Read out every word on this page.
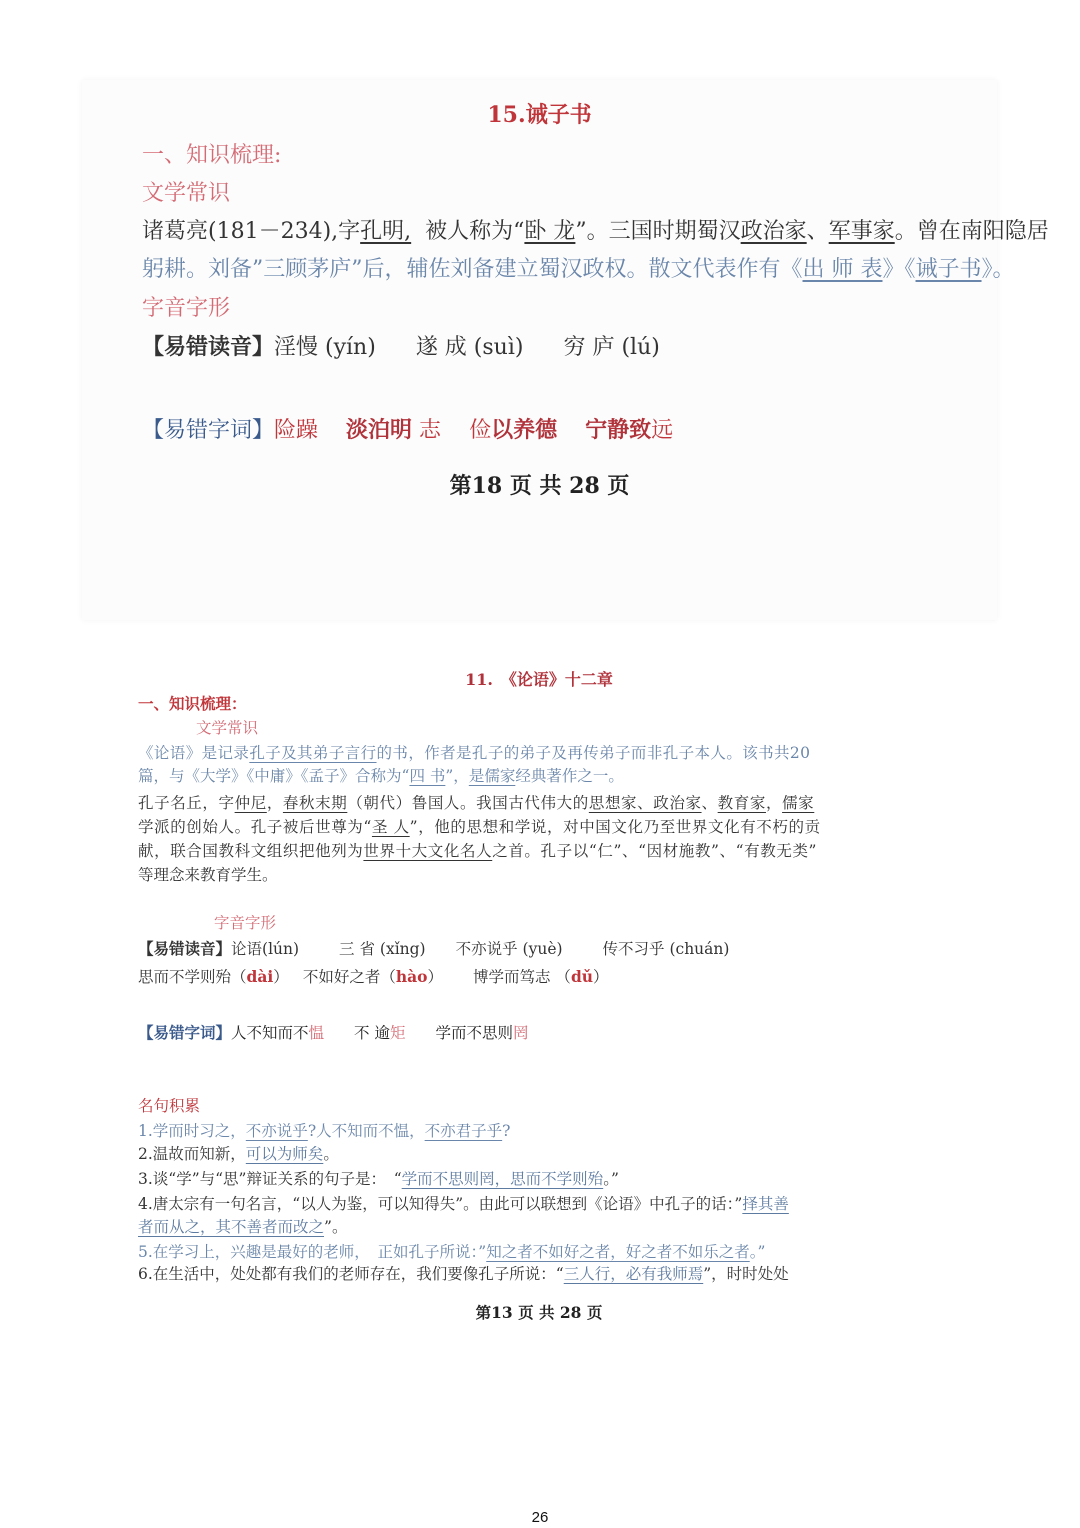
15.诫子书
一、知识梳理:
文学常识
诸葛亮(181－234),字孔明, 被人称为“卧 龙”。三国时期蜀汉政治家、军事家。曾在南阳隐居
躬耕。刘备”三顾茅庐”后，辅佐刘备建立蜀汉政权。散文代表作有《出 师 表》《诫子书》。
字音字形
【易错读音】淫慢 (yín) 遂 成 (suì) 穷 庐 (lú)
【易错字词】险躁 淡泊明 志 俭以养德 宁静致远
第18 页 共 28 页
11.　《论语》十二章
一、知识梳理：
文学常识
《论语》是记录孔子及其弟子言行的书，作者是孔子的弟子及再传弟子而非孔子本人。该书共20
篇，与《大学》《中庸》《孟子》合称为“四 书”，是儒家经典著作之一。
孔子名丘，字仲尼，春秋末期（朝代）鲁国人。我国古代伟大的思想家、政治家、教育家，儒家
学派的创始人。孔子被后世尊为“圣 人”，他的思想和学说，对中国文化乃至世界文化有不朽的贡
献，联合国教科文组织把他列为世界十大文化名人之首。孔子以“仁”、“因材施教”、“有教无类”
等理念来教育学生。
字音字形
【易错读音】论语(lún)	三 省 (xǐng) 不亦说乎 (yuè)	传不习乎 (chuán)
思而不学则殆（dài） 不如好之者（hào） 博学而笃志 （dǔ）
【易错字词】人不知而不愠 不 逾矩 学而不思则罔
名句积累
1.学而时习之，不亦说乎?人不知而不愠，不亦君子乎?
2.温故而知新，可以为师矣。
3.谈“学”与“思”辩证关系的句子是：　“学而不思则罔，思而不学则殆。”
4.唐太宗有一句名言，“以人为鉴，可以知得失”。由此可以联想到《论语》中孔子的话：”择其善
者而从之，其不善者而改之”。
5.在学习上，兴趣是最好的老师，　正如孔子所说：”知之者不如好之者，好之者不如乐之者。”
6.在生活中，处处都有我们的老师存在，我们要像孔子所说：“三人行，必有我师焉”，时时处处
第13 页 共 28 页
26
